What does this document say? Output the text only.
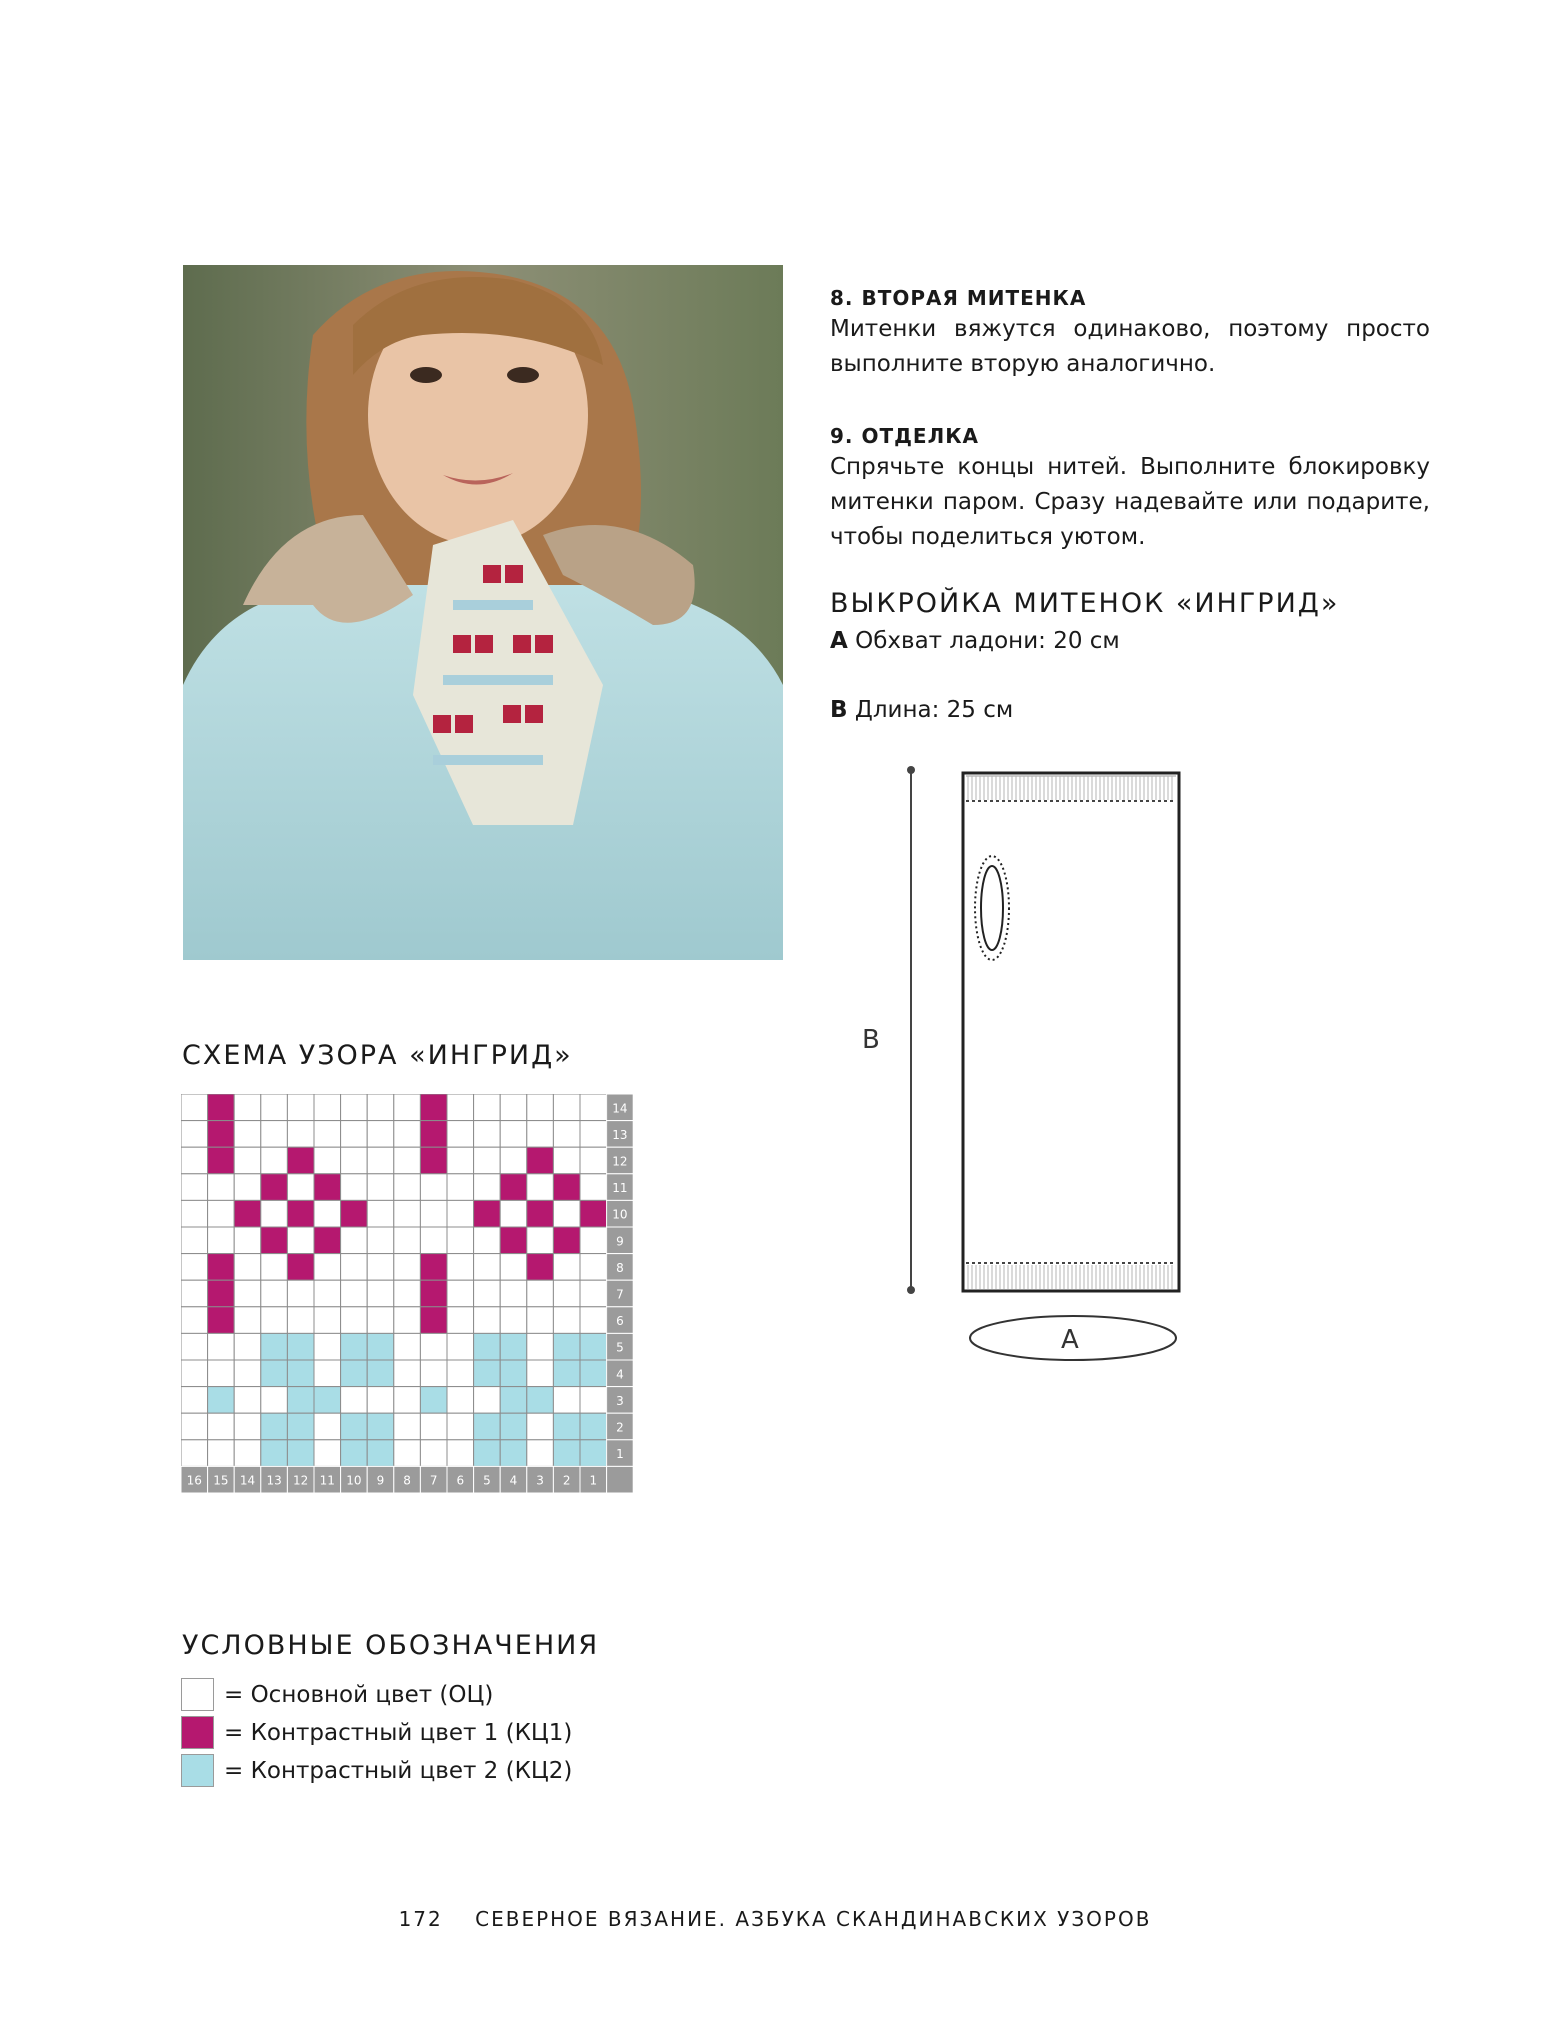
8. ВТОРАЯ МИТЕНКА

Митенки вяжутся одинаково, поэтому просто выполните вторую аналогично.

9. ОТДЕЛКА

Спрячьте концы нитей. Выполните блокировку митенки паром. Сразу надевайте или подарите, чтобы поделиться уютом.

ВЫКРОЙКА МИТЕНОК «ИНГРИД»
A Обхват ладони: 20 см
B Длина: 25 см
B
A
СХЕМА УЗОРА «ИНГРИД»
14
13
12
11
10
9
8
7
6
5
4
3
2
1
16 15 14 13 12 11 10 9 8 7 6 5 4 3 2 1
УСЛОВНЫЕ ОБОЗНАЧЕНИЯ
= Основной цвет (ОЦ)
= Контрастный цвет 1 (КЦ1)
= Контрастный цвет 2 (КЦ2)
172 СЕВЕРНОЕ ВЯЗАНИЕ. АЗБУКА СКАНДИНАВСКИХ УЗОРОВ
